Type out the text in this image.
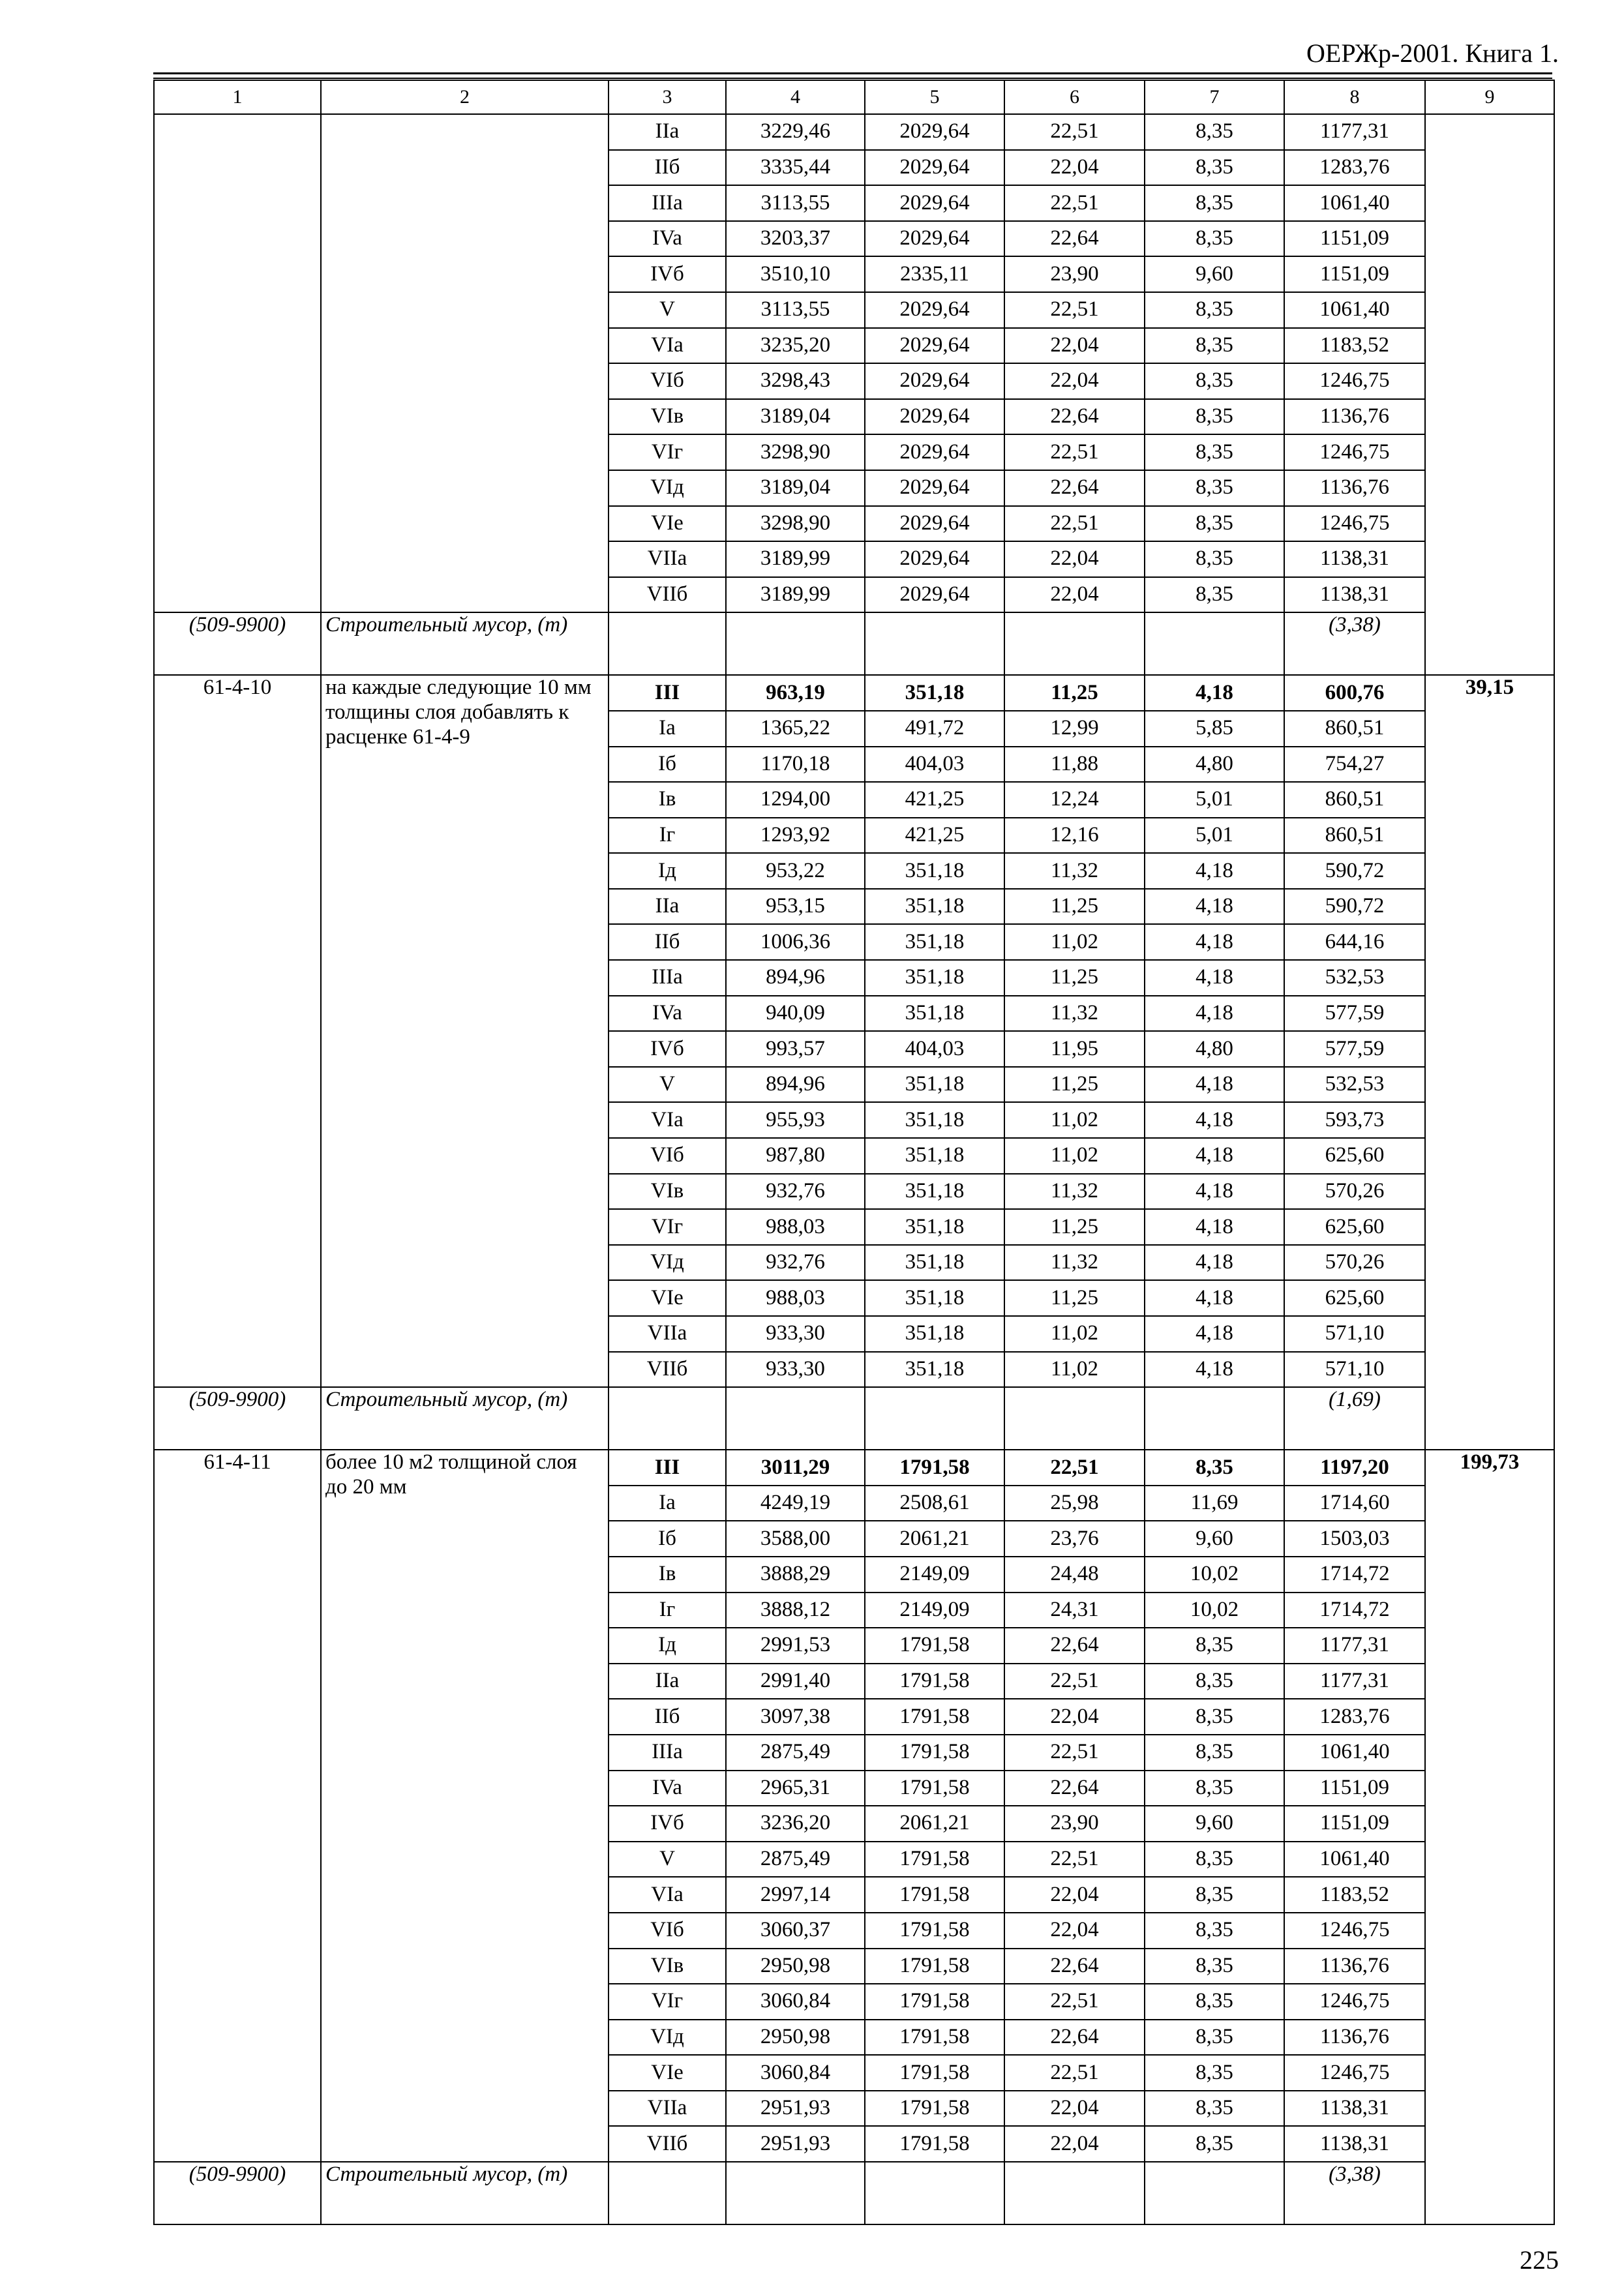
ОЕРЖр-2001. Книга 1.
1	2	3	4	5	6	7	8	9
		IIa	3229,46	2029,64	22,51	8,35	1177,31	
		IIб	3335,44	2029,64	22,04	8,35	1283,76	
		IIIa	3113,55	2029,64	22,51	8,35	1061,40	
		IVa	3203,37	2029,64	22,64	8,35	1151,09	
		IVб	3510,10	2335,11	23,90	9,60	1151,09	
		V	3113,55	2029,64	22,51	8,35	1061,40	
		VIa	3235,20	2029,64	22,04	8,35	1183,52	
		VIб	3298,43	2029,64	22,04	8,35	1246,75	
		VIв	3189,04	2029,64	22,64	8,35	1136,76	
		VIг	3298,90	2029,64	22,51	8,35	1246,75	
		VIд	3189,04	2029,64	22,64	8,35	1136,76	
		VIe	3298,90	2029,64	22,51	8,35	1246,75	
		VIIa	3189,99	2029,64	22,04	8,35	1138,31	
		VIIб	3189,99	2029,64	22,04	8,35	1138,31	
(509-9900)	Строительный мусор, (т)						(3,38)	
61-4-10	на каждые следующие 10 мм толщины слоя добавлять к расценке 61-4-9	III	963,19	351,18	11,25	4,18	600,76	39,15
		Ia	1365,22	491,72	12,99	5,85	860,51	
		Iб	1170,18	404,03	11,88	4,80	754,27	
		Iв	1294,00	421,25	12,24	5,01	860,51	
		Iг	1293,92	421,25	12,16	5,01	860,51	
		Iд	953,22	351,18	11,32	4,18	590,72	
		IIa	953,15	351,18	11,25	4,18	590,72	
		IIб	1006,36	351,18	11,02	4,18	644,16	
		IIIa	894,96	351,18	11,25	4,18	532,53	
		IVa	940,09	351,18	11,32	4,18	577,59	
		IVб	993,57	404,03	11,95	4,80	577,59	
		V	894,96	351,18	11,25	4,18	532,53	
		VIa	955,93	351,18	11,02	4,18	593,73	
		VIб	987,80	351,18	11,02	4,18	625,60	
		VIв	932,76	351,18	11,32	4,18	570,26	
		VIг	988,03	351,18	11,25	4,18	625,60	
		VIд	932,76	351,18	11,32	4,18	570,26	
		VIe	988,03	351,18	11,25	4,18	625,60	
		VIIa	933,30	351,18	11,02	4,18	571,10	
		VIIб	933,30	351,18	11,02	4,18	571,10	
(509-9900)	Строительный мусор, (т)						(1,69)	
61-4-11	более 10 м2 толщиной слоя до 20 мм	III	3011,29	1791,58	22,51	8,35	1197,20	199,73
		Ia	4249,19	2508,61	25,98	11,69	1714,60	
		Iб	3588,00	2061,21	23,76	9,60	1503,03	
		Iв	3888,29	2149,09	24,48	10,02	1714,72	
		Iг	3888,12	2149,09	24,31	10,02	1714,72	
		Iд	2991,53	1791,58	22,64	8,35	1177,31	
		IIa	2991,40	1791,58	22,51	8,35	1177,31	
		IIб	3097,38	1791,58	22,04	8,35	1283,76	
		IIIa	2875,49	1791,58	22,51	8,35	1061,40	
		IVa	2965,31	1791,58	22,64	8,35	1151,09	
		IVб	3236,20	2061,21	23,90	9,60	1151,09	
		V	2875,49	1791,58	22,51	8,35	1061,40	
		VIa	2997,14	1791,58	22,04	8,35	1183,52	
		VIб	3060,37	1791,58	22,04	8,35	1246,75	
		VIв	2950,98	1791,58	22,64	8,35	1136,76	
		VIг	3060,84	1791,58	22,51	8,35	1246,75	
		VIд	2950,98	1791,58	22,64	8,35	1136,76	
		VIe	3060,84	1791,58	22,51	8,35	1246,75	
		VIIa	2951,93	1791,58	22,04	8,35	1138,31	
		VIIб	2951,93	1791,58	22,04	8,35	1138,31	
(509-9900)	Строительный мусор, (т)						(3,38)	
225
